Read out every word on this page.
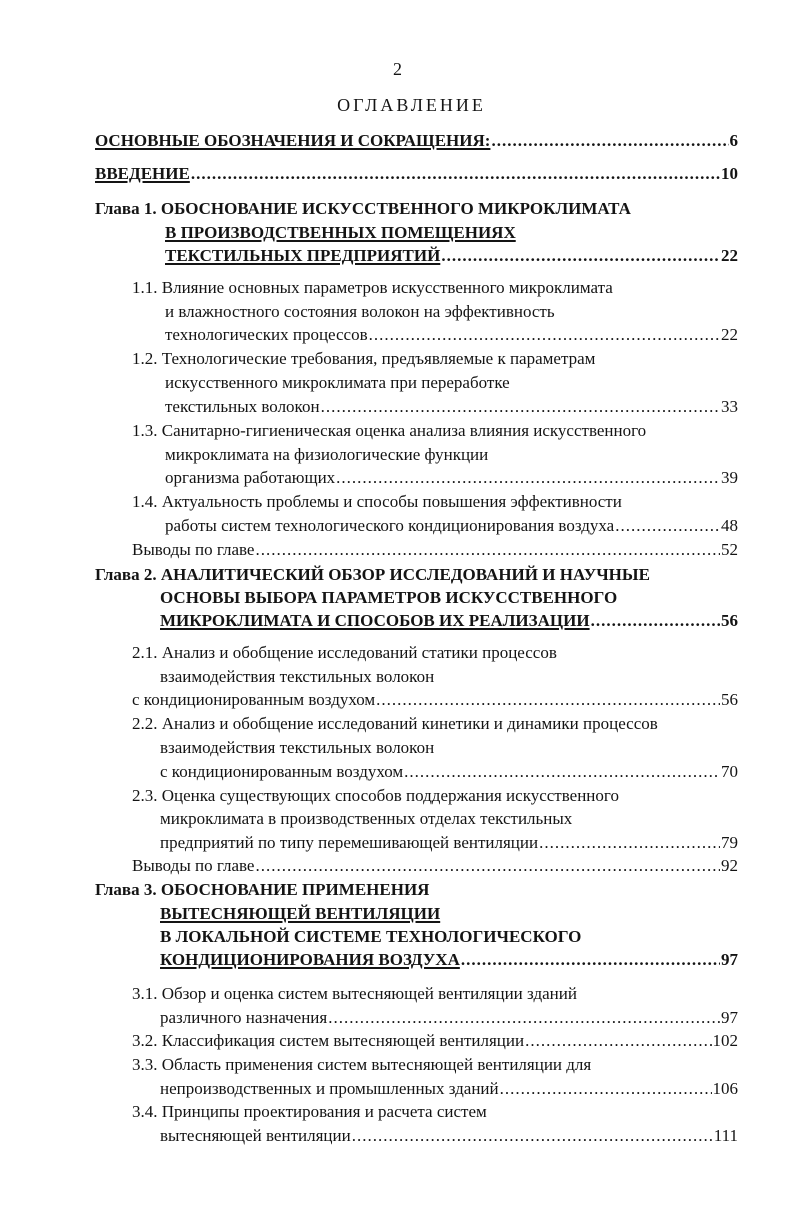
2
ОГЛАВЛЕНИЕ
ОСНОВНЫЕ ОБОЗНАЧЕНИЯ И СОКРАЩЕНИЯ: .....	6
ВВЕДЕНИЕ .....	10
Глава 1. ОБОСНОВАНИЕ ИСКУССТВЕННОГО МИКРОКЛИМАТА
В ПРОИЗВОДСТВЕННЫХ ПОМЕЩЕНИЯХ
ТЕКСТИЛЬНЫХ ПРЕДПРИЯТИЙ .....	22
1.1. Влияние основных параметров искусственного микроклимата
и влажностного состояния волокон на эффективность
технологических процессов .....	22
1.2. Технологические требования, предъявляемые к параметрам
искусственного микроклимата при переработке
текстильных волокон .....	33
1.3. Санитарно-гигиеническая оценка анализа влияния искусственного
микроклимата на физиологические функции
организма работающих .....	39
1.4. Актуальность проблемы и способы повышения эффективности
работы систем технологического кондиционирования воздуха .....	48
Выводы по главе .....	52
Глава 2. АНАЛИТИЧЕСКИЙ ОБЗОР ИССЛЕДОВАНИЙ И НАУЧНЫЕ
ОСНОВЫ ВЫБОРА ПАРАМЕТРОВ ИСКУССТВЕННОГО
МИКРОКЛИМАТА И СПОСОБОВ ИХ РЕАЛИЗАЦИИ .....	56
2.1. Анализ и обобщение исследований статики процессов
взаимодействия текстильных волокон
с кондиционированным воздухом .....	56
2.2. Анализ и обобщение исследований кинетики и динамики процессов
взаимодействия текстильных волокон
с кондиционированным воздухом .....	70
2.3. Оценка существующих способов поддержания искусственного
микроклимата в производственных отделах текстильных
предприятий по типу перемешивающей вентиляции .....	79
Выводы по главе .....	92
Глава 3. ОБОСНОВАНИЕ ПРИМЕНЕНИЯ
ВЫТЕСНЯЮЩЕЙ ВЕНТИЛЯЦИИ
В ЛОКАЛЬНОЙ СИСТЕМЕ ТЕХНОЛОГИЧЕСКОГО
КОНДИЦИОНИРОВАНИЯ ВОЗДУХА .....	97
3.1. Обзор и оценка систем вытесняющей вентиляции зданий
различного назначения .....	97
3.2. Классификация систем вытесняющей вентиляции .....	102
3.3. Область применения систем вытесняющей вентиляции для
непроизводственных и промышленных зданий .....	106
3.4. Принципы проектирования и расчета систем
вытесняющей вентиляции .....	111
